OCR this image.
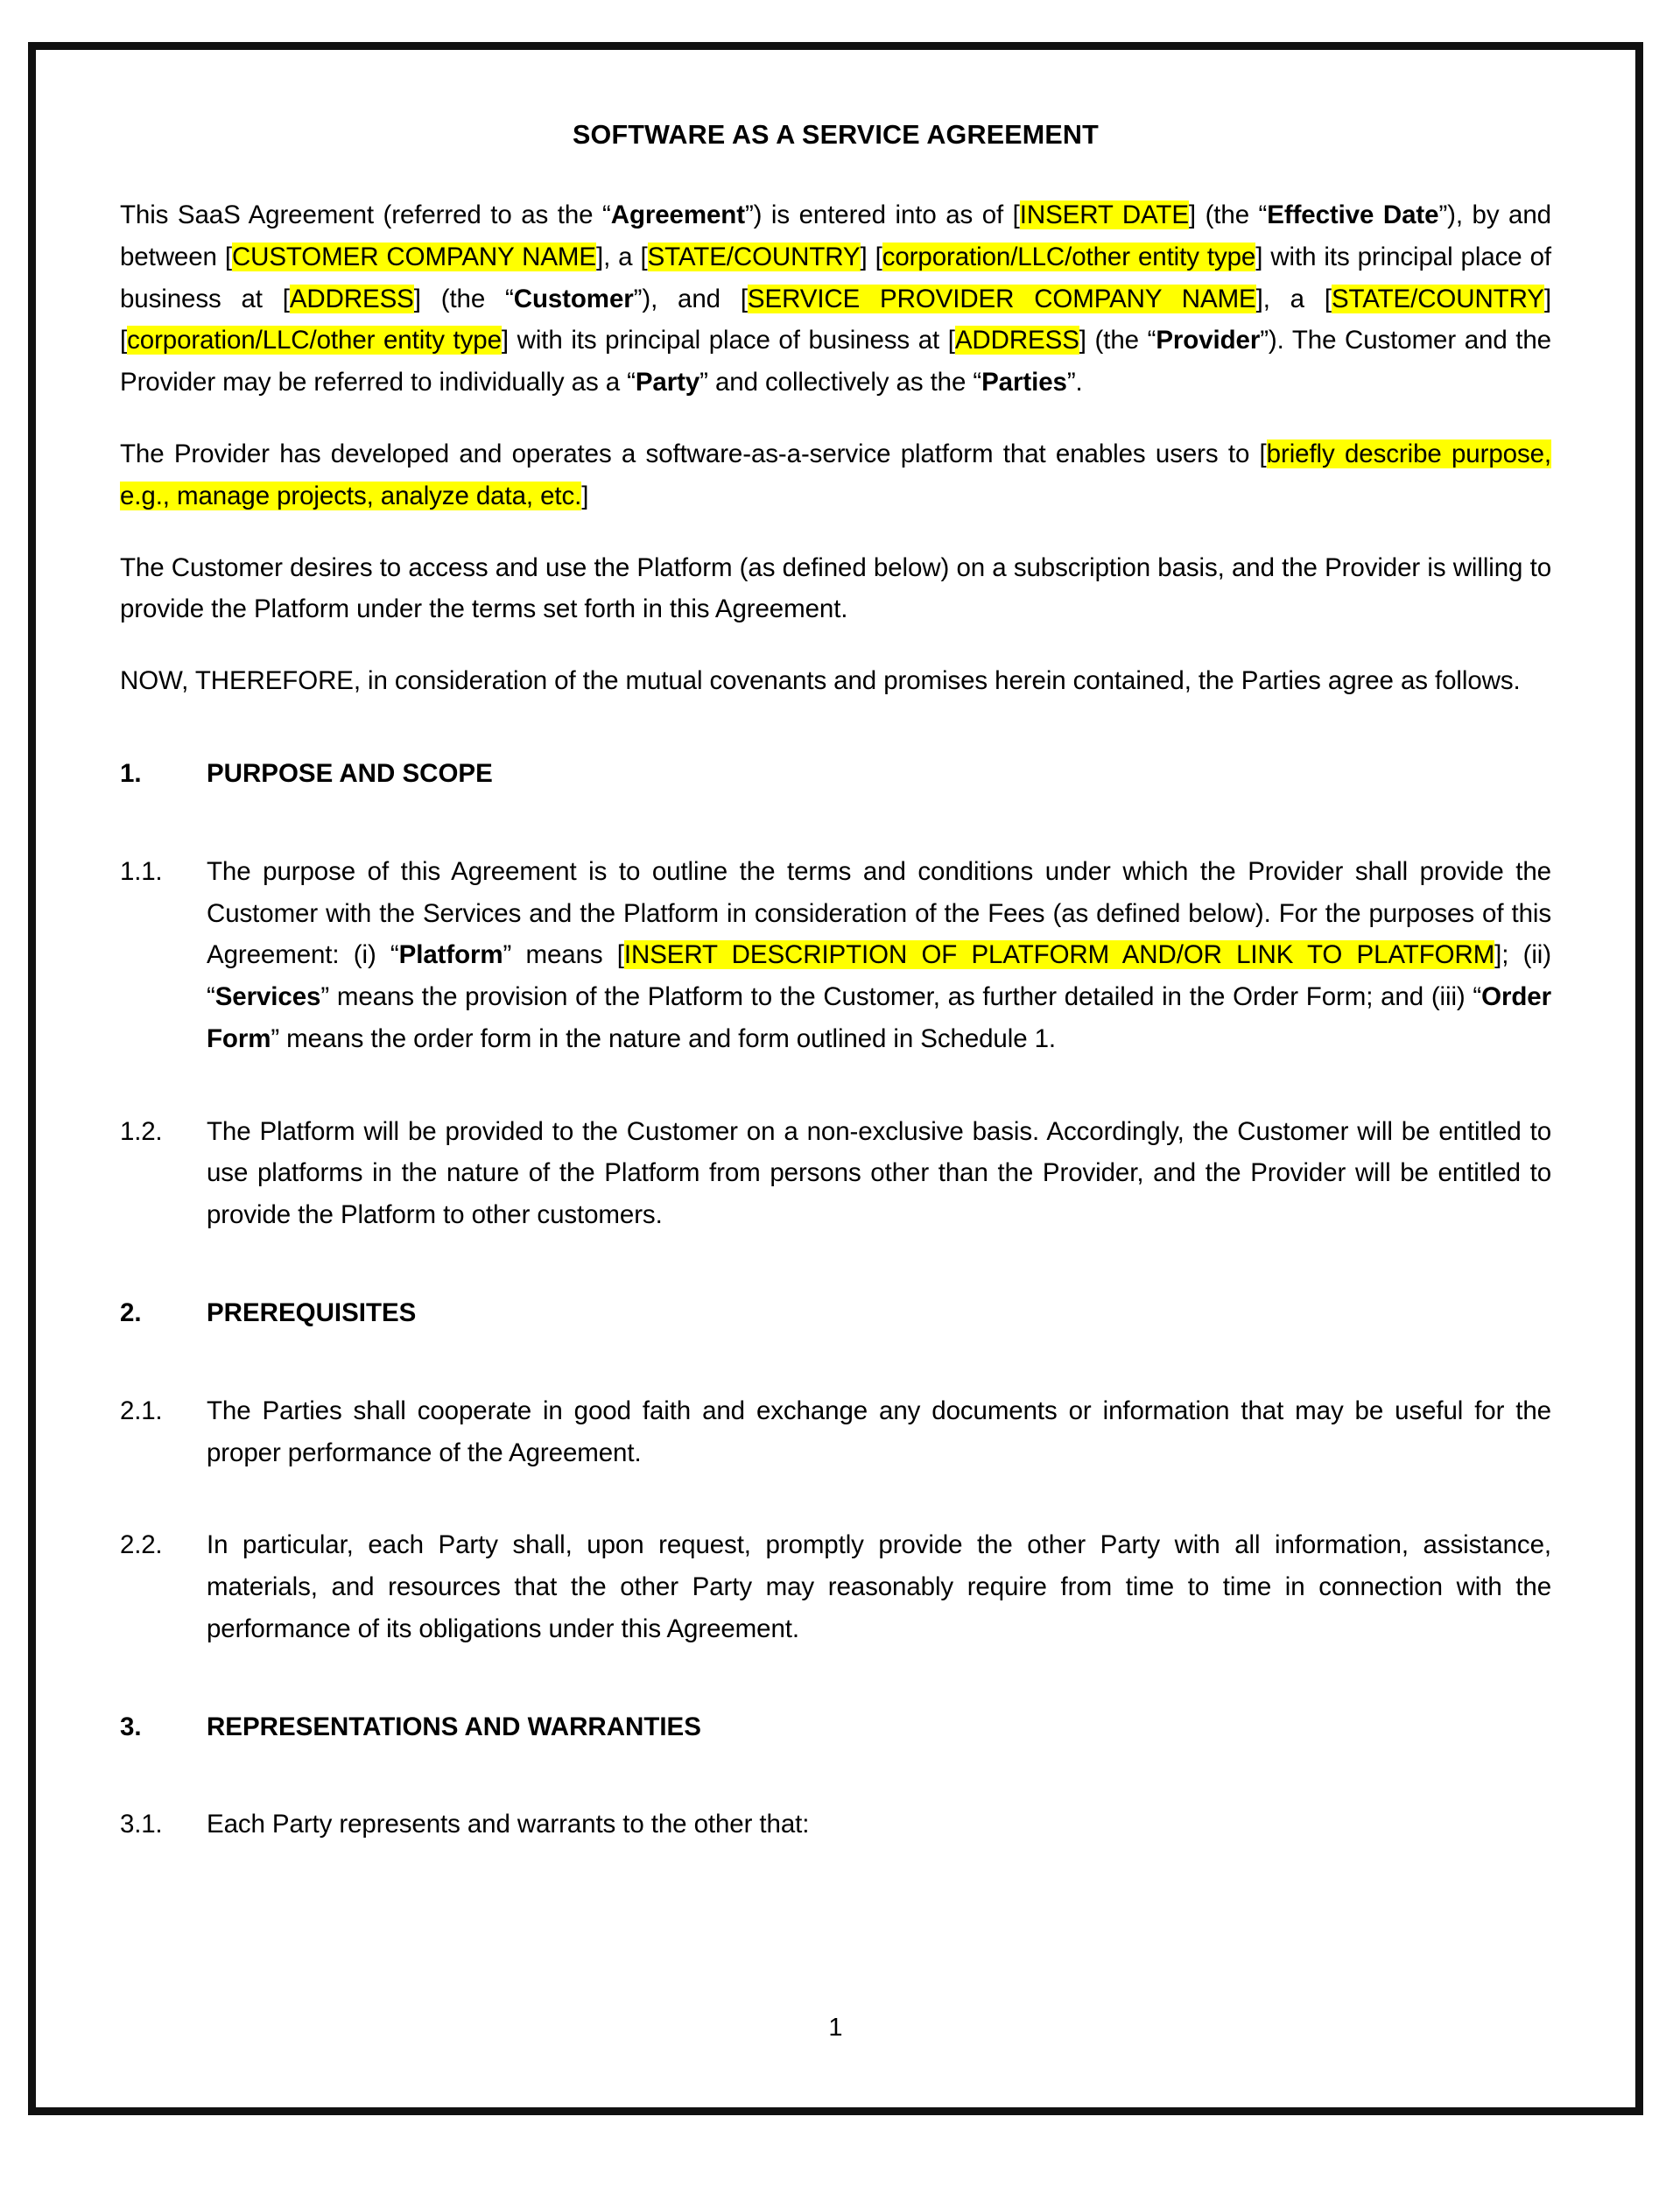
SOFTWARE AS A SERVICE AGREEMENT

This SaaS Agreement (referred to as the “Agreement”) is entered into as of [INSERT DATE] (the “Effective Date”), by and between [CUSTOMER COMPANY NAME], a [STATE/COUNTRY] [corporation/LLC/other entity type] with its principal place of business at [ADDRESS] (the “Customer”), and [SERVICE PROVIDER COMPANY NAME], a [STATE/COUNTRY] [corporation/LLC/other entity type] with its principal place of business at [ADDRESS] (the “Provider”). The Customer and the Provider may be referred to individually as a “Party” and collectively as the “Parties”.

The Provider has developed and operates a software-as-a-service platform that enables users to [briefly describe purpose, e.g., manage projects, analyze data, etc.]

The Customer desires to access and use the Platform (as defined below) on a subscription basis, and the Provider is willing to provide the Platform under the terms set forth in this Agreement.

NOW, THEREFORE, in consideration of the mutual covenants and promises herein contained, the Parties agree as follows.

1.	PURPOSE AND SCOPE
1.1.	The purpose of this Agreement is to outline the terms and conditions under which the Provider shall provide the Customer with the Services and the Platform in consideration of the Fees (as defined below). For the purposes of this Agreement: (i) “Platform” means [INSERT DESCRIPTION OF PLATFORM AND/OR LINK TO PLATFORM]; (ii) “Services” means the provision of the Platform to the Customer, as further detailed in the Order Form; and (iii) “Order Form” means the order form in the nature and form outlined in Schedule 1.
1.2.	The Platform will be provided to the Customer on a non-exclusive basis. Accordingly, the Customer will be entitled to use platforms in the nature of the Platform from persons other than the Provider, and the Provider will be entitled to provide the Platform to other customers.
2.	PREREQUISITES
2.1.	The Parties shall cooperate in good faith and exchange any documents or information that may be useful for the proper performance of the Agreement.
2.2.	In particular, each Party shall, upon request, promptly provide the other Party with all information, assistance, materials, and resources that the other Party may reasonably require from time to time in connection with the performance of its obligations under this Agreement.
3.	REPRESENTATIONS AND WARRANTIES
3.1.	Each Party represents and warrants to the other that:
1
